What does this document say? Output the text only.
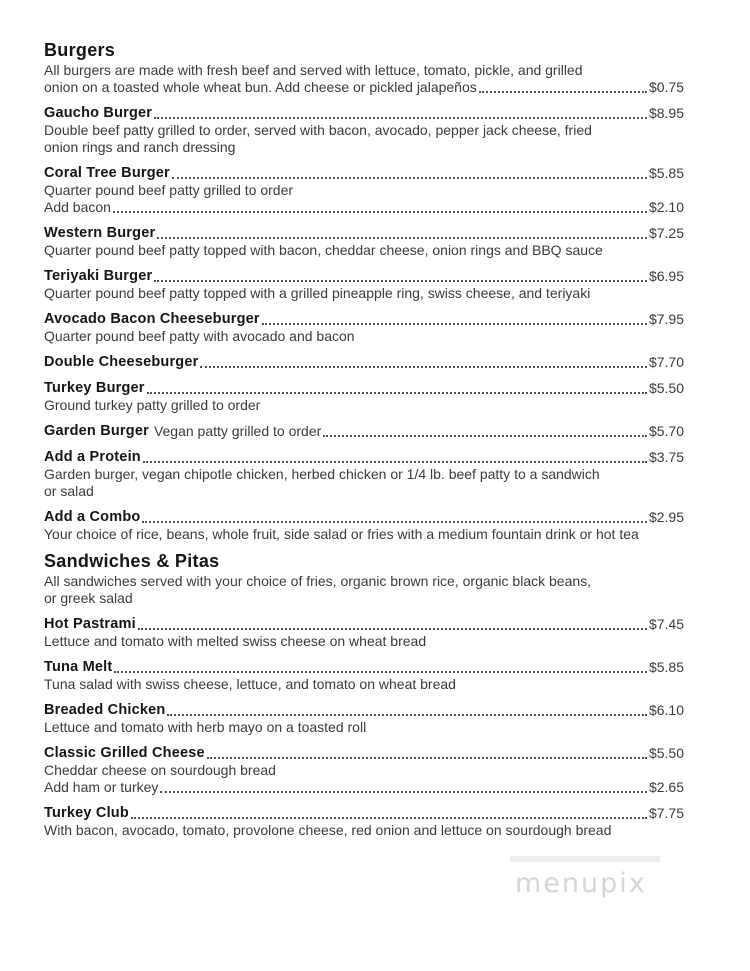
Burgers
All burgers are made with fresh beef and served with lettuce, tomato, pickle, and grilled
onion on a toasted whole wheat bun. Add cheese or pickled jalapeños	$0.75
Gaucho Burger	$8.95
Double beef patty grilled to order, served with bacon, avocado, pepper jack cheese, fried
onion rings and ranch dressing
Coral Tree Burger	$5.85
Quarter pound beef patty grilled to order
Add bacon	$2.10
Western Burger	$7.25
Quarter pound beef patty topped with bacon, cheddar cheese, onion rings and BBQ sauce
Teriyaki Burger	$6.95
Quarter pound beef patty topped with a grilled pineapple ring, swiss cheese, and teriyaki
Avocado Bacon Cheeseburger	$7.95
Quarter pound beef patty with avocado and bacon
Double Cheeseburger	$7.70
Turkey Burger	$5.50
Ground turkey patty grilled to order
Garden Burger Vegan patty grilled to order	$5.70
Add a Protein	$3.75
Garden burger, vegan chipotle chicken, herbed chicken or 1/4 lb. beef patty to a sandwich
or salad
Add a Combo	$2.95
Your choice of rice, beans, whole fruit, side salad or fries with a medium fountain drink or hot tea
Sandwiches & Pitas
All sandwiches served with your choice of fries, organic brown rice, organic black beans,
or greek salad
Hot Pastrami	$7.45
Lettuce and tomato with melted swiss cheese on wheat bread
Tuna Melt	$5.85
Tuna salad with swiss cheese, lettuce, and tomato on wheat bread
Breaded Chicken	$6.10
Lettuce and tomato with herb mayo on a toasted roll
Classic Grilled Cheese	$5.50
Cheddar cheese on sourdough bread
Add ham or turkey	$2.65
Turkey Club	$7.75
With bacon, avocado, tomato, provolone cheese, red onion and lettuce on sourdough bread
menupix
